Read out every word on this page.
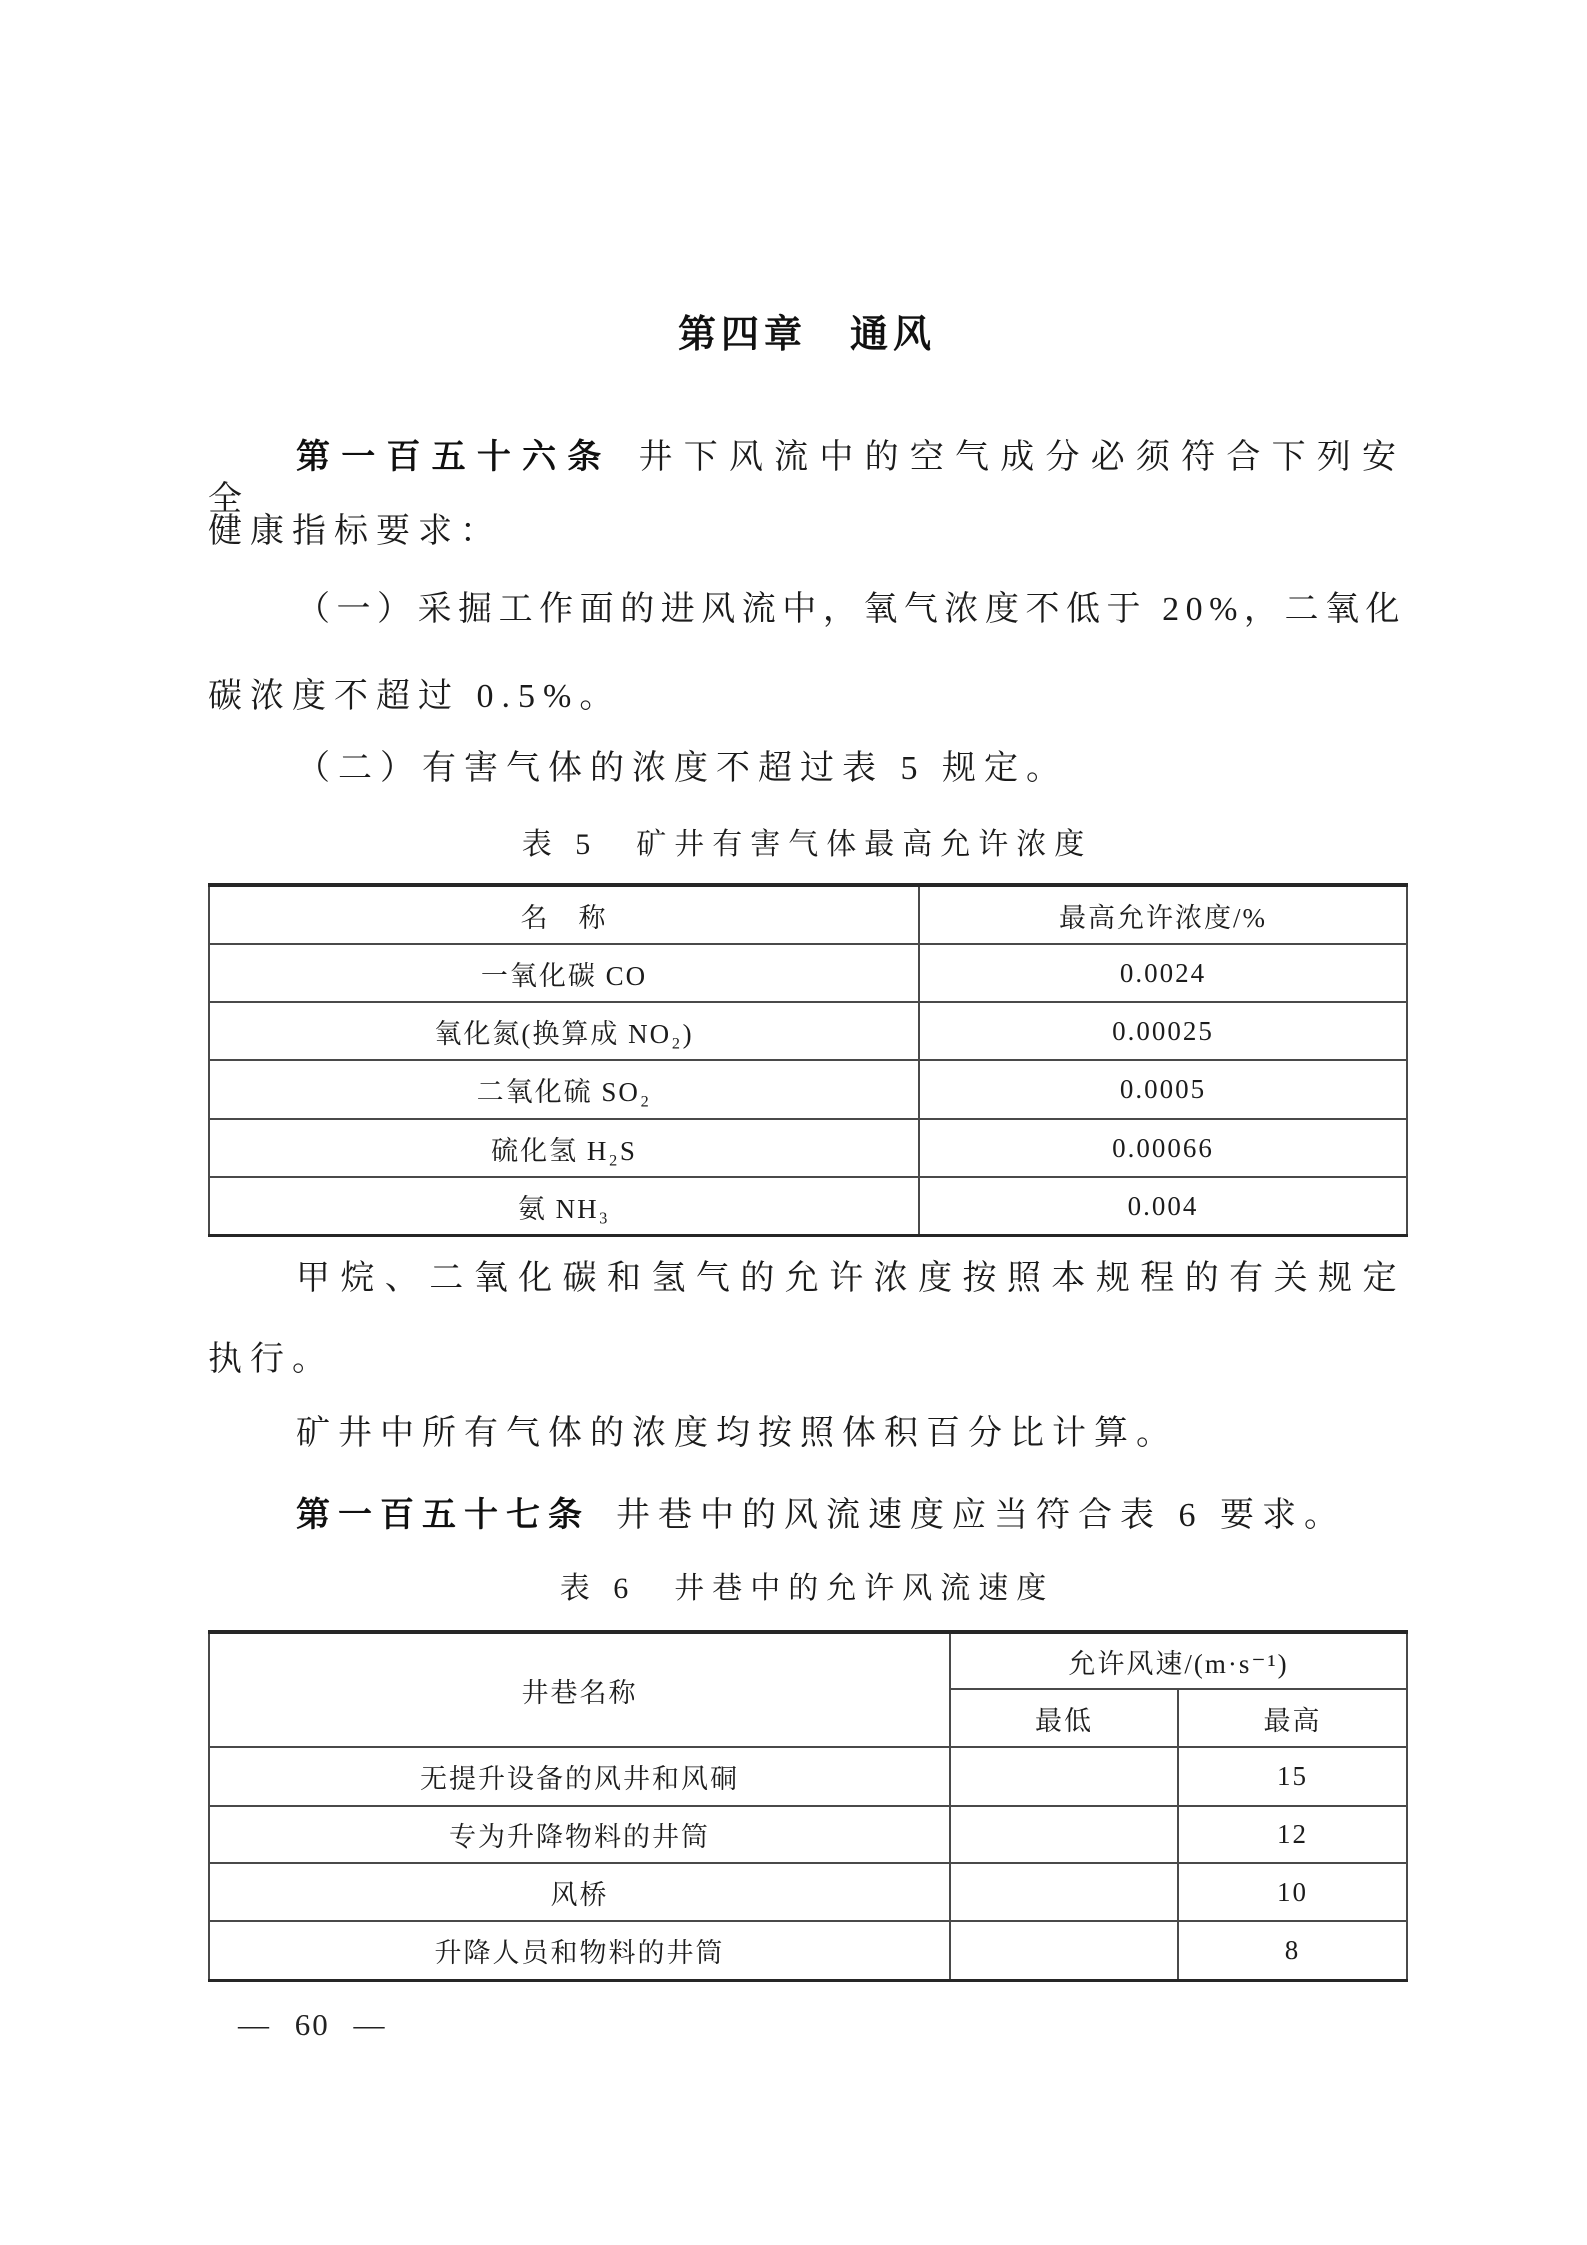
第四章　通风
第一百五十六条 井下风流中的空气成分必须符合下列安全
健康指标要求：
（一）采掘工作面的进风流中，氧气浓度不低于 20%，二氧化
碳浓度不超过 0.5%。
（二）有害气体的浓度不超过表 5 规定。
表 5　矿井有害气体最高允许浓度
名　称	最高允许浓度/%
一氧化碳 CO	0.0024
氧化氮(换算成 NO₂)	0.00025
二氧化硫 SO₂	0.0005
硫化氢 H₂S	0.00066
氨 NH₃	0.004
甲烷、二氧化碳和氢气的允许浓度按照本规程的有关规定
执行。
矿井中所有气体的浓度均按照体积百分比计算。
第一百五十七条 井巷中的风流速度应当符合表 6 要求。
表 6　井巷中的允许风流速度
井巷名称	允许风速/(m·s⁻¹)	
	最低	最高
无提升设备的风井和风硐		15
专为升降物料的井筒		12
风桥		10
升降人员和物料的井筒		8
— 60 —
